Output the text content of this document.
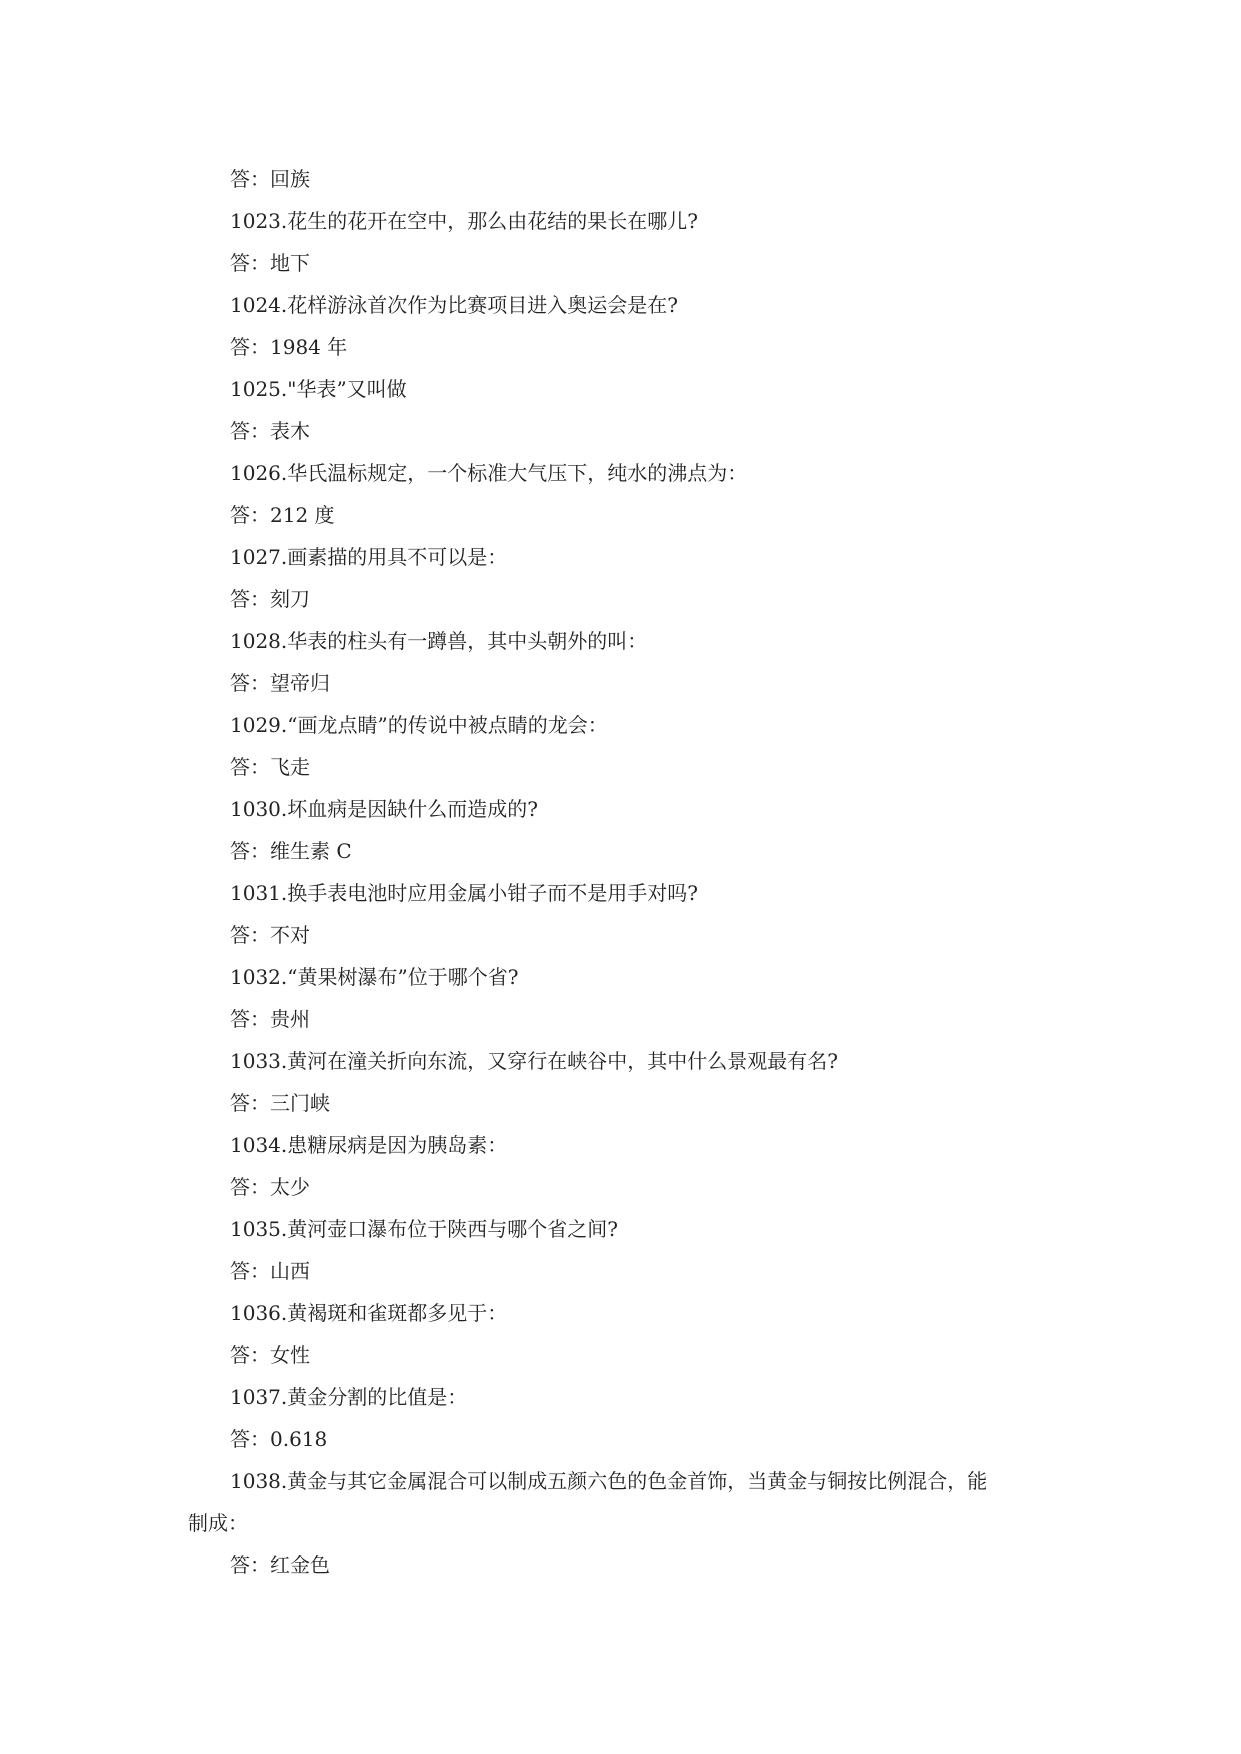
答：回族
1023.花生的花开在空中，那么由花结的果长在哪儿?
答：地下
1024.花样游泳首次作为比赛项目进入奥运会是在?
答：1984 年
1025."华表”又叫做
答：表木
1026.华氏温标规定，一个标准大气压下，纯水的沸点为：
答：212 度
1027.画素描的用具不可以是：
答：刻刀
1028.华表的柱头有一蹲兽，其中头朝外的叫：
答：望帝归
1029.“画龙点睛”的传说中被点睛的龙会：
答：飞走
1030.坏血病是因缺什么而造成的?
答：维生素 C
1031.换手表电池时应用金属小钳子而不是用手对吗?
答：不对
1032.“黄果树瀑布”位于哪个省?
答：贵州
1033.黄河在潼关折向东流，又穿行在峡谷中，其中什么景观最有名?
答：三门峡
1034.患糖尿病是因为胰岛素：
答：太少
1035.黄河壶口瀑布位于陕西与哪个省之间?
答：山西
1036.黄褐斑和雀斑都多见于：
答：女性
1037.黄金分割的比值是：
答：0.618
1038.黄金与其它金属混合可以制成五颜六色的色金首饰，当黄金与铜按比例混合，能
制成：
答：红金色
